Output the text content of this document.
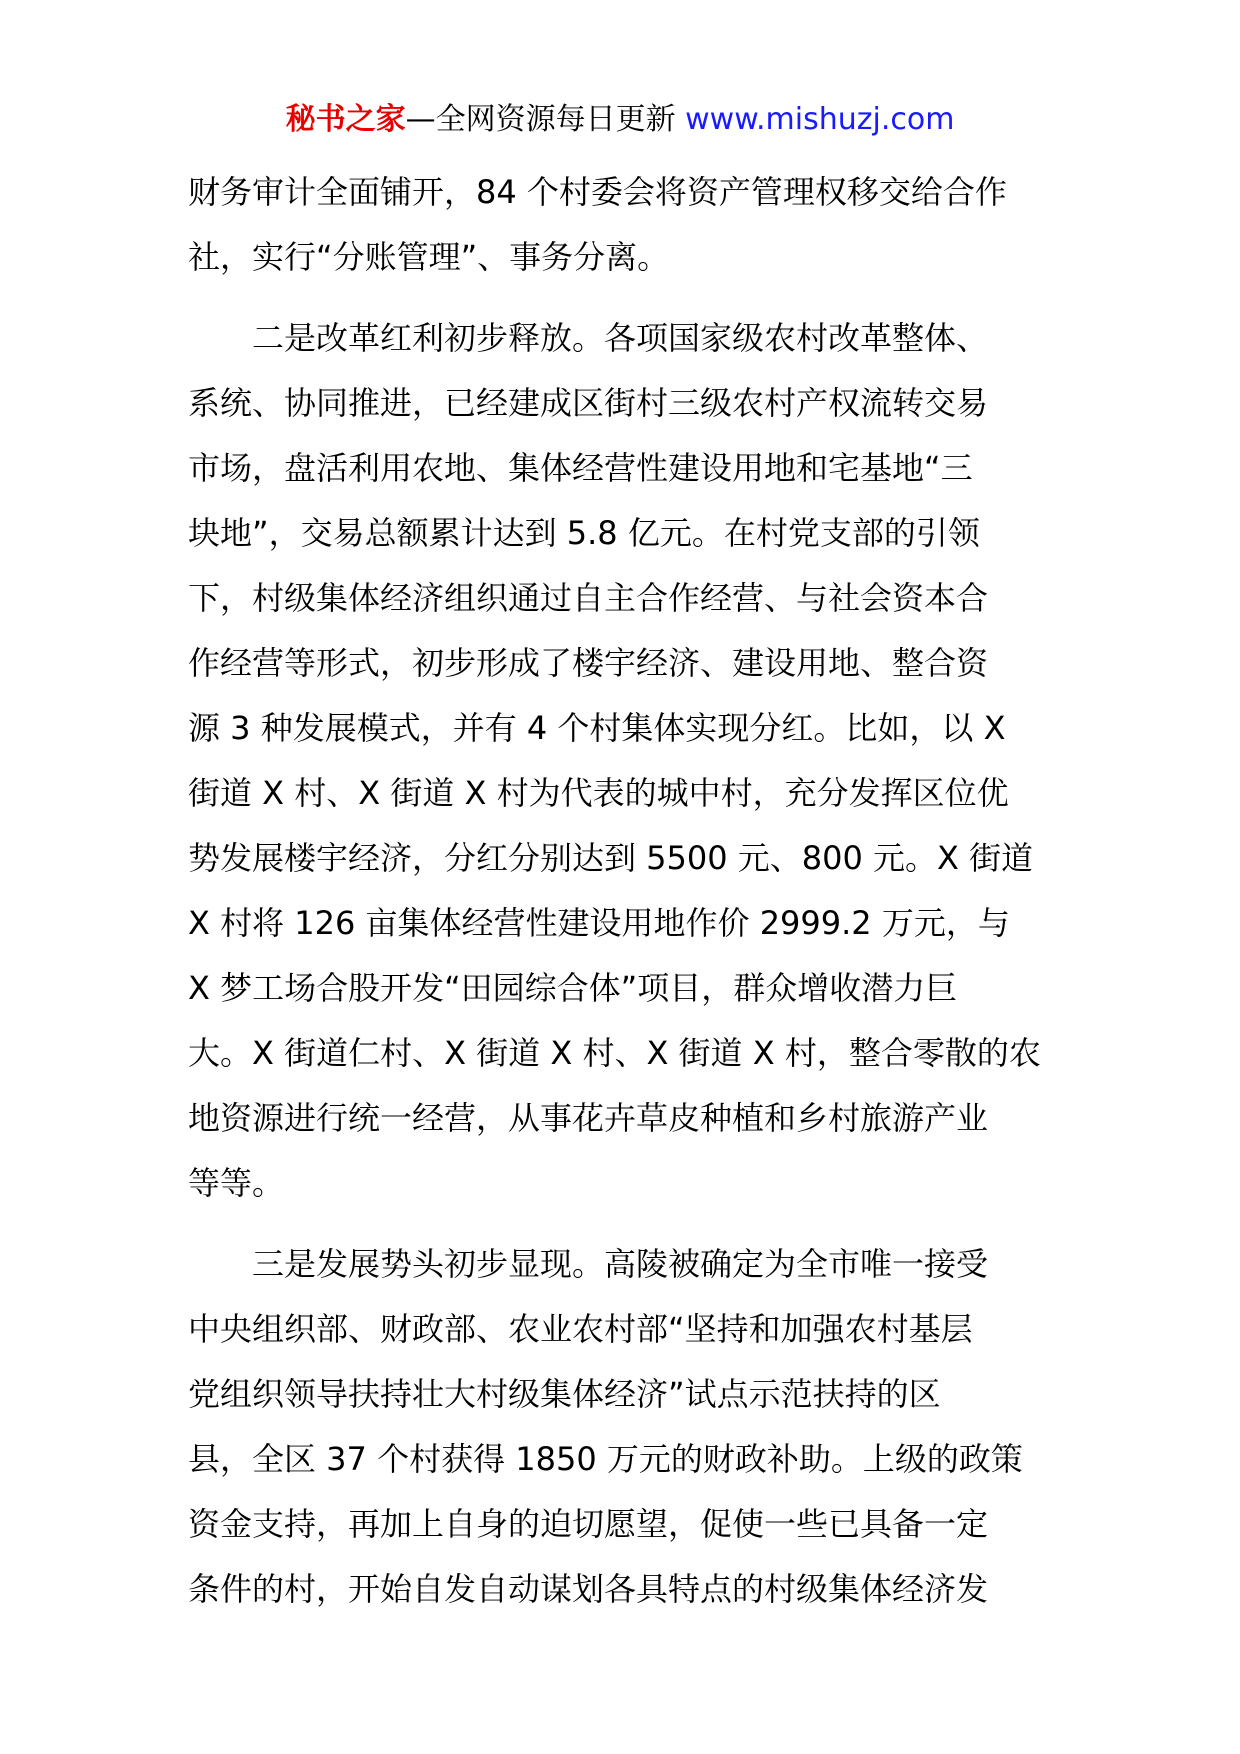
秘书之家—全网资源每日更新 www.mishuzj.com
财务审计全面铺开，84 个村委会将资产管理权移交给合作
社，实行“分账管理”、事务分离。
二是改革红利初步释放。各项国家级农村改革整体、
系统、协同推进，已经建成区街村三级农村产权流转交易
市场，盘活利用农地、集体经营性建设用地和宅基地“三
块地”，交易总额累计达到 5.8 亿元。在村党支部的引领
下，村级集体经济组织通过自主合作经营、与社会资本合
作经营等形式，初步形成了楼宇经济、建设用地、整合资
源 3 种发展模式，并有 4 个村集体实现分红。比如，以 X
街道 X 村、X 街道 X 村为代表的城中村，充分发挥区位优
势发展楼宇经济，分红分别达到 5500 元、800 元。X 街道
X 村将 126 亩集体经营性建设用地作价 2999.2 万元，与
X 梦工场合股开发“田园综合体”项目，群众增收潜力巨
大。X 街道仁村、X 街道 X 村、X 街道 X 村，整合零散的农
地资源进行统一经营，从事花卉草皮种植和乡村旅游产业
等等。
三是发展势头初步显现。高陵被确定为全市唯一接受
中央组织部、财政部、农业农村部“坚持和加强农村基层
党组织领导扶持壮大村级集体经济”试点示范扶持的区
县，全区 37 个村获得 1850 万元的财政补助。上级的政策
资金支持，再加上自身的迫切愿望，促使一些已具备一定
条件的村，开始自发自动谋划各具特点的村级集体经济发
